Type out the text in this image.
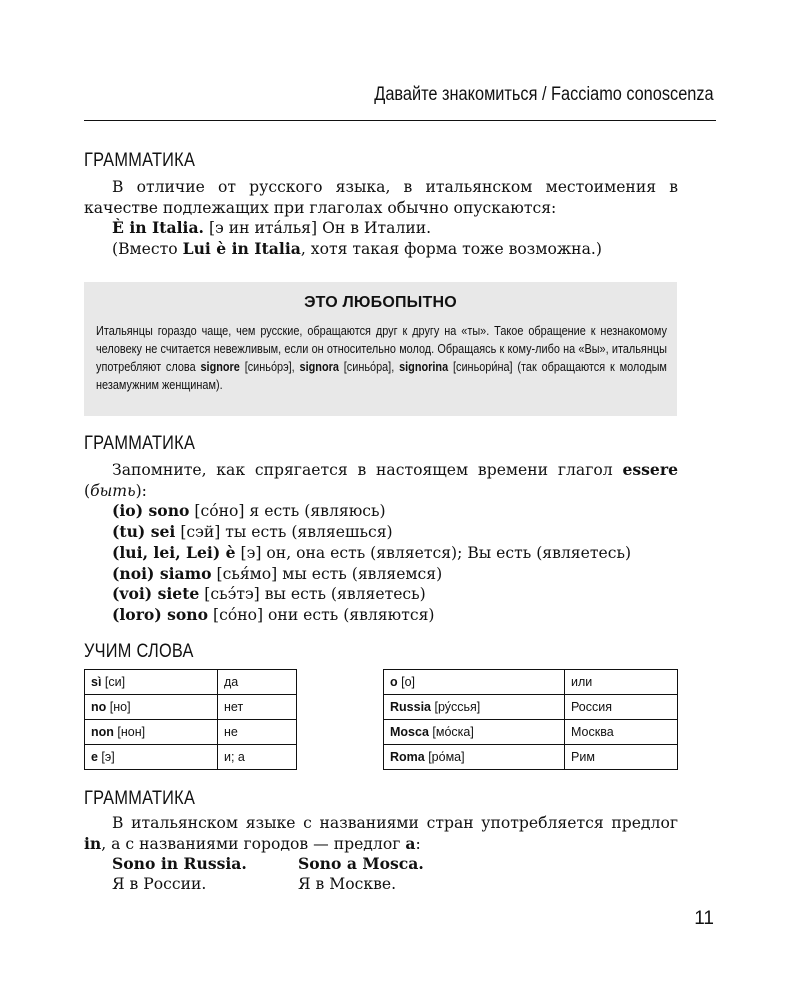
Давайте знакомиться / Facciamo conoscenza
ГРАММАТИКА

В отличие от русского языка, в итальянском местоимения в качестве подлежащих при глаголах обычно опускаются:

È in Italia. [э ин ита́лья] Он в Италии.
(Вместо Lui è in Italia, хотя такая форма тоже возможна.)
ЭТО ЛЮБОПЫТНО
Итальянцы гораздо чаще, чем русские, обращаются друг к другу на «ты». Такое обращение к незнакомому человеку не считается невежливым, если он относительно молод. Обращаясь к кому-либо на «Вы», итальянцы употребляют слова signore [синьо́рэ], signora [синьо́ра], signorina [синьори́на] (так обращаются к молодым незамужним женщинам).
ГРАММАТИКА

Запомните, как спрягается в настоящем времени глагол essere (быть):

(io) sono [со́но] я есть (являюсь)
(tu) sei [сэй] ты есть (являешься)
(lui, lei, Lei) è [э] он, она есть (является); Вы есть (являетесь)
(noi) siamo [сья́мо] мы есть (являемся)
(voi) siete [сьэ́тэ] вы есть (являетесь)
(loro) sono [со́но] они есть (являются)
УЧИМ СЛОВА
sì [си]	да
no [но]	нет
non [нон]	не
e [э]	и; а
o [о]	или
Russia [ру́ссья]	Россия
Mosca [мо́ска]	Москва
Roma [ро́ма]	Рим
ГРАММАТИКА

В итальянском языке с названиями стран употребляется предлог in, а с названиями городов — предлог a:

Sono in Russia.	Sono a Mosca.
Я в России.	Я в Москве.
11
